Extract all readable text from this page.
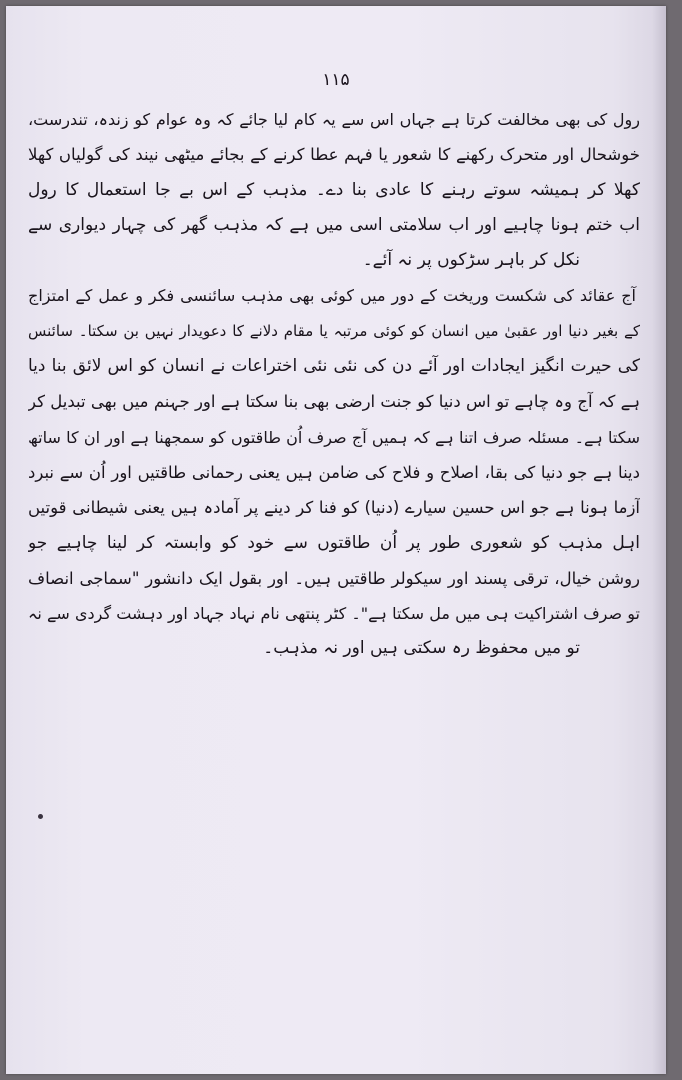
۱۱۵
رول کی بھی مخالفت کرتا ہے جہاں اس سے یہ کام لیا جائے کہ وہ عوام کو زندہ، تندرست،
خوشحال اور متحرک رکھنے کا شعور یا فہم عطا کرنے کے بجائے میٹھی نیند کی گولیاں کھلا
کھلا کر ہمیشہ سوتے رہنے کا عادی بنا دے۔ مذہب کے اس بے جا استعمال کا رول
اب ختم ہونا چاہیے اور اب سلامتی اسی میں ہے کہ مذہب گھر کی چہار دیواری سے
نکل کر باہر سڑکوں پر نہ آئے۔
آج عقائد کی شکست وریخت کے دور میں کوئی بھی مذہب سائنسی فکر و عمل کے امتزاج
کے بغیر دنیا اور عقبیٰ میں انسان کو کوئی مرتبہ یا مقام دلانے کا دعویدار نہیں بن سکتا۔ سائنس
کی حیرت انگیز ایجادات اور آئے دن کی نئی نئی اختراعات نے انسان کو اس لائق بنا دیا
ہے کہ آج وہ چاہے تو اس دنیا کو جنت ارضی بھی بنا سکتا ہے اور جہنم میں بھی تبدیل کر
سکتا ہے۔ مسئلہ صرف اتنا ہے کہ ہمیں آج صرف اُن طاقتوں کو سمجھنا ہے اور ان کا ساتھ
دینا ہے جو دنیا کی بقا، اصلاح و فلاح کی ضامن ہیں یعنی رحمانی طاقتیں اور اُن سے نبرد
آزما ہونا ہے جو اس حسین سیارے (دنیا) کو فنا کر دینے پر آمادہ ہیں یعنی شیطانی قوتیں
اہل مذہب کو شعوری طور پر اُن طاقتوں سے خود کو وابستہ کر لینا چاہیے جو
روشن خیال، ترقی پسند اور سیکولر طاقتیں ہیں۔ اور بقول ایک دانشور "سماجی انصاف
تو صرف اشتراکیت ہی میں مل سکتا ہے"۔ کٹر پنتھی نام نہاد جہاد اور دہشت گردی سے نہ
تو میں محفوظ رہ سکتی ہیں اور نہ مذہب۔
